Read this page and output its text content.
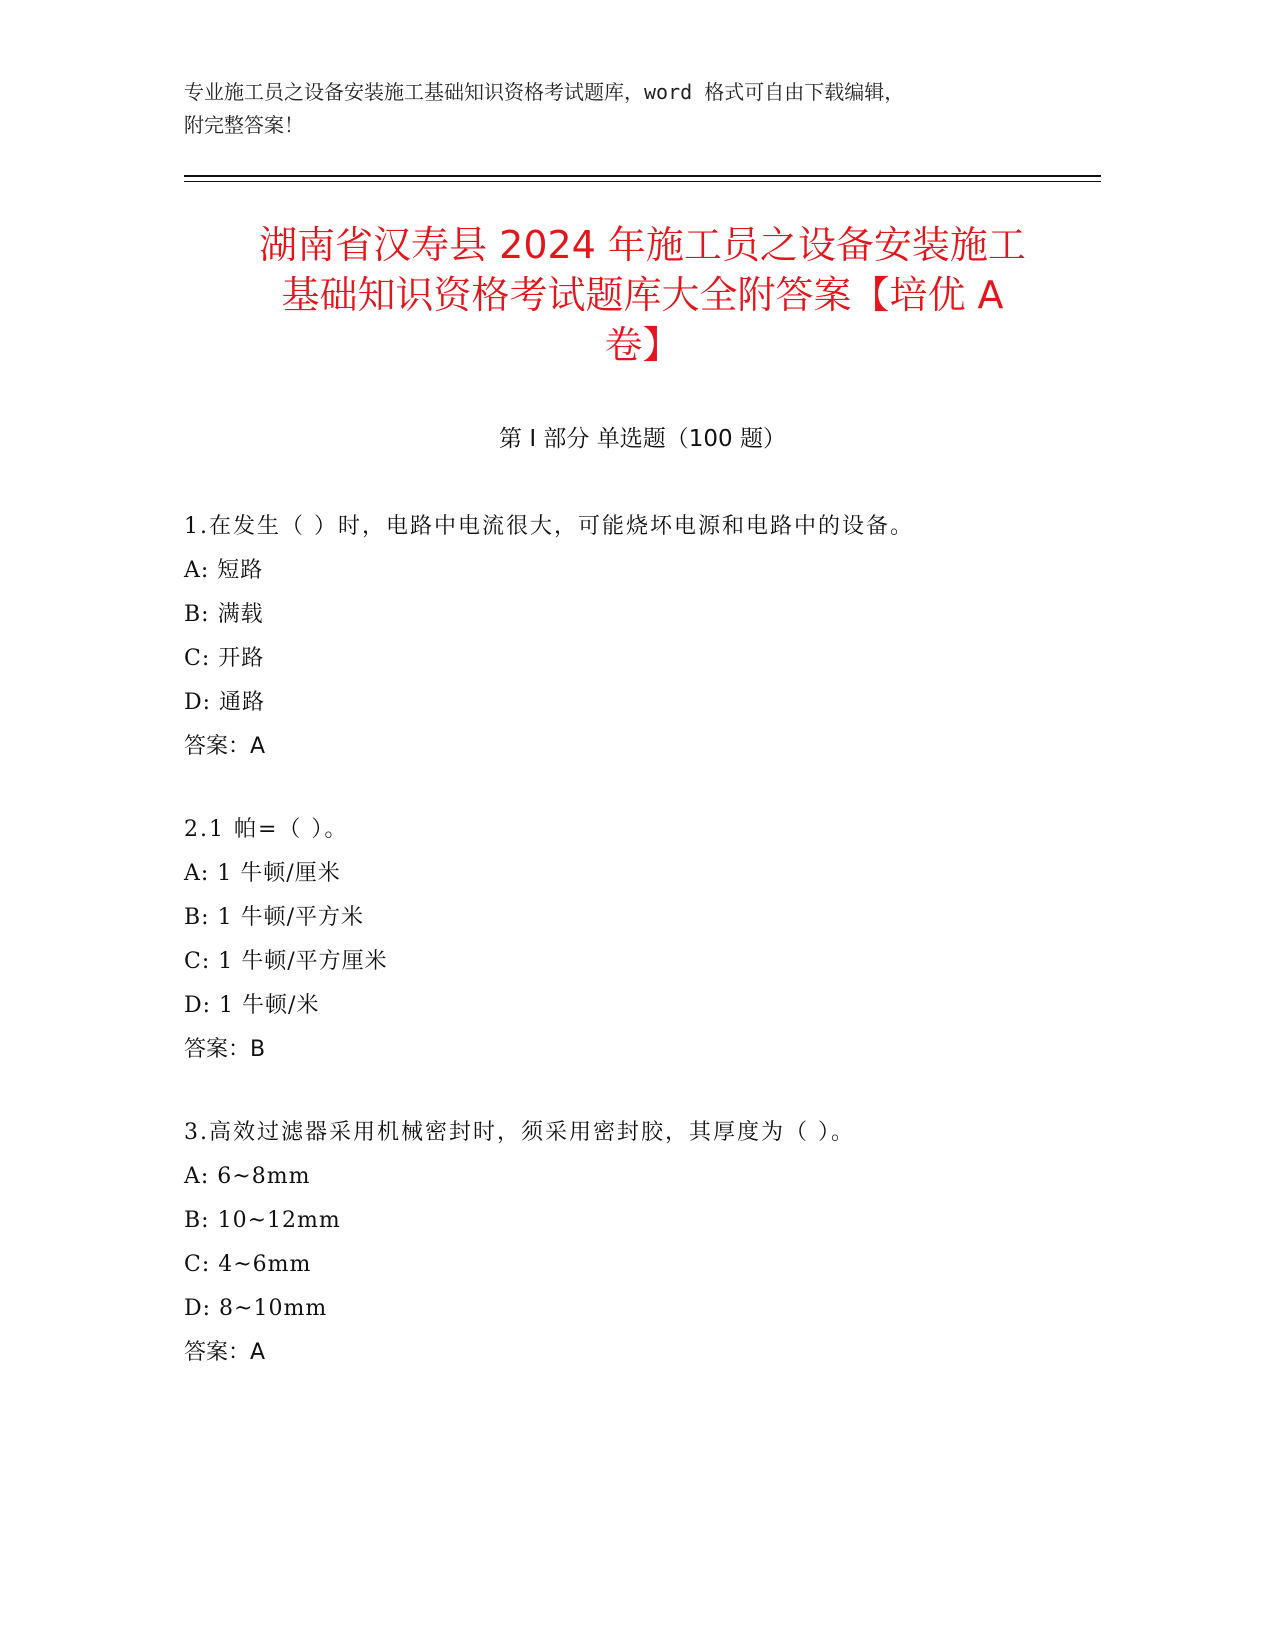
专业施工员之设备安装施工基础知识资格考试题库，word 格式可自由下载编辑，
附完整答案！
湖南省汉寿县 2024 年施工员之设备安装施工
基础知识资格考试题库大全附答案【培优 A
卷】
第 I 部分 单选题（100 题）
1.在发生（ ）时，电路中电流很大，可能烧坏电源和电路中的设备。
A: 短路
B: 满载
C: 开路
D: 通路
答案：A
2.1 帕=（ ）。
A: 1 牛顿/厘米
B: 1 牛顿/平方米
C: 1 牛顿/平方厘米
D: 1 牛顿/米
答案：B
3.高效过滤器采用机械密封时，须采用密封胶，其厚度为（ ）。
A: 6~8mm
B: 10~12mm
C: 4~6mm
D: 8~10mm
答案：A
